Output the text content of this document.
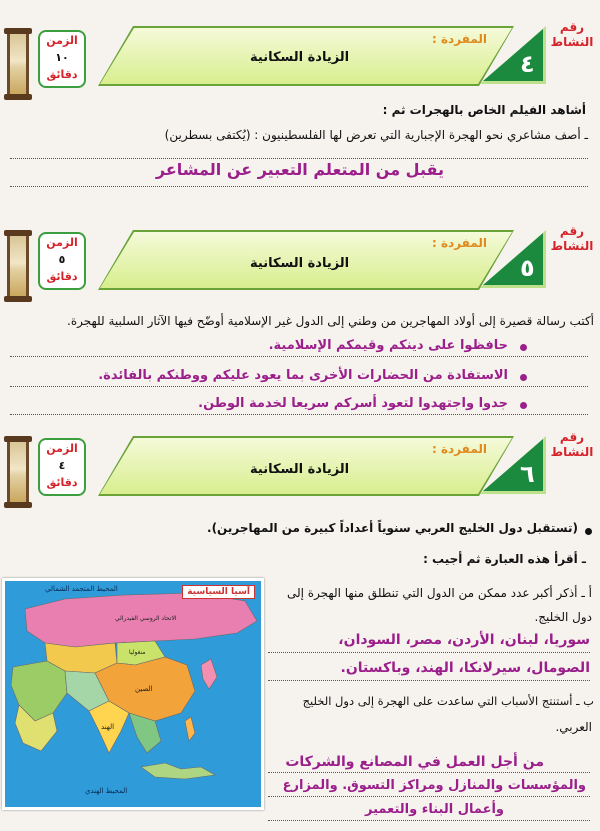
الزمن
١٠
دقائق
المفردة :
الزيادة السكانية	٤
رقم النشاط
أشاهد الفيلم الخاص بالهجرات ثم :
ـ أصف مشاعري نحو الهجرة الإجبارية التي تعرض لها الفلسطينيون : (يُكتفى بسطرين)
يقبل من المتعلم التعبير عن المشاعر
الزمن
٥
دقائق
المفردة :
الزيادة السكانية	٥
رقم النشاط
أكتب رسالة قصيرة إلى أولاد المهاجرين من وطني إلى الدول غير الإسلامية أوضّح فيها الآثار السلبية للهجرة.
حافظوا على دينكم وقيمكم الإسلامية.
الاستفادة من الحضارات الأخرى بما يعود عليكم ووطنكم بالفائدة.
جدوا واجتهدوا لتعود أسركم سريعا لخدمة الوطن.
الزمن
٤
دقائق
المفردة :
الزيادة السكانية	٦
رقم النشاط
(تستقبل دول الخليج العربي سنوياً أعداداً كبيرة من المهاجرين).
ـ أقرأ هذه العبارة ثم أجيب :
أ ـ أذكر أكبر عدد ممكن من الدول التي تنطلق منها الهجرة إلى
دول الخليج.
سوريا، لبنان، الأردن، مصر، السودان،
الصومال، سيرلانكا، الهند، وباكستان.
ب ـ أستنتج الأسباب التي ساعدت على الهجرة إلى دول الخليج
العربي.
من أجل العمل في المصانع والشركات
والمؤسسات والمنازل ومراكز التسوق. والمزارع
وأعمال البناء والتعمير
آسيا السياسية
المحيط المتجمد الشمالي
المحيط الهندي
الاتحاد الروسي الفيدرالي
الصين
الهند
منغوليا
